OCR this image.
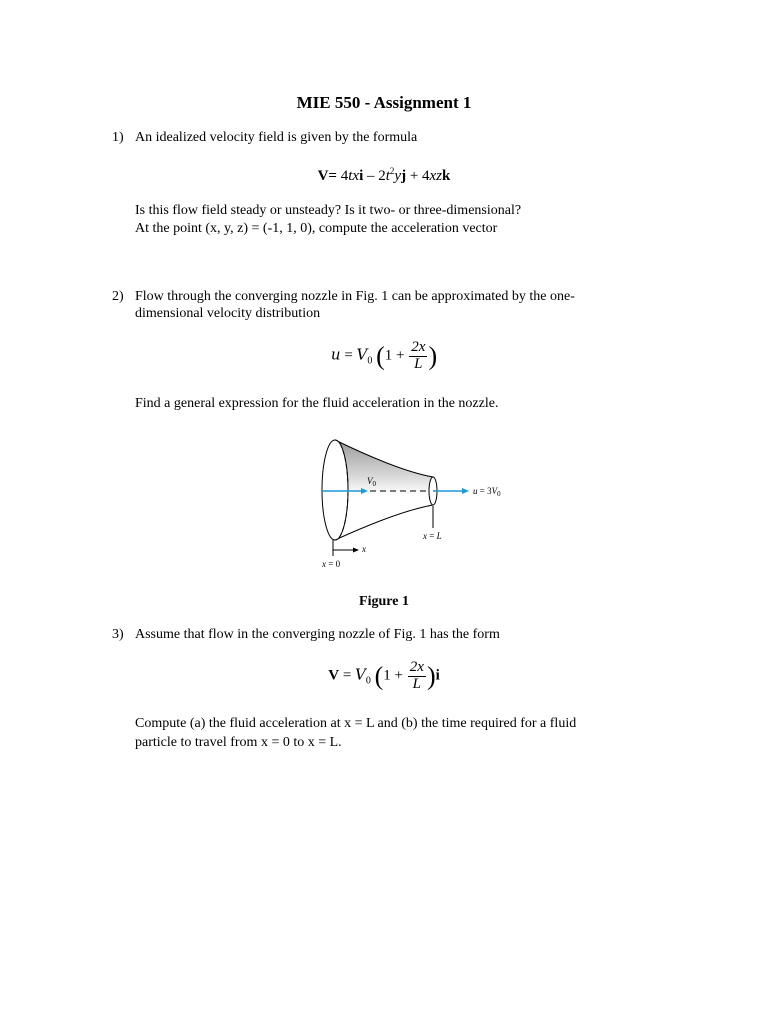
MIE 550 - Assignment 1
1) An idealized velocity field is given by the formula
$V= 4txi - 2t^2yj + 4xzk$
Is this flow field steady or unsteady? Is it two- or three-dimensional?
At the point (x, y, z) = (-1, 1, 0), compute the acceleration vector
2) Flow through the converging nozzle in Fig. 1 can be approximated by the one-
dimensional velocity distribution
$u = V_0$ ($1 + \frac{2x}{L}$ )
Find a general expression for the fluid acceleration in the nozzle.
$V_0$
$u = 3V_0$
x = L
x
x = 0
Figure 1
3) Assume that flow in the converging nozzle of Fig. 1 has the form
$V = V_0$ $(1 + \frac{2x}{L} )i$
Compute (a) the fluid acceleration at x = L and (b) the time required for a fluid
particle to travel from x = 0 to x = L.
